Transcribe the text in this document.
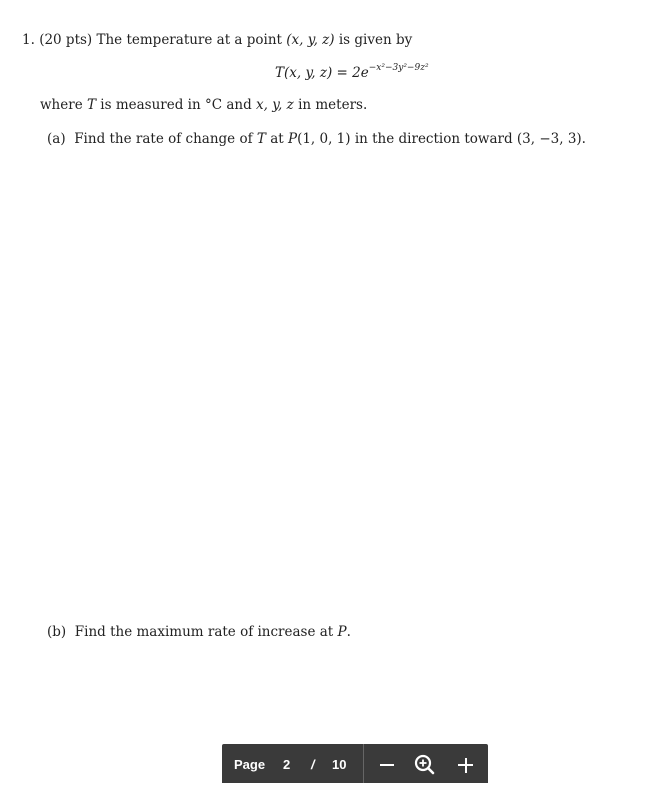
1. (20 pts) The temperature at a point (x, y, z) is given by
T(x, y, $z) = 2e^{-x^2-3y^2-9z^2}$
where T is measured in °C and x, y, z in meters.
(a) Find the rate of change of T at P(1, 0, 1) in the direction toward (3, −3, 3).
(b) Find the maximum rate of increase at P.
Page 2 / 10
